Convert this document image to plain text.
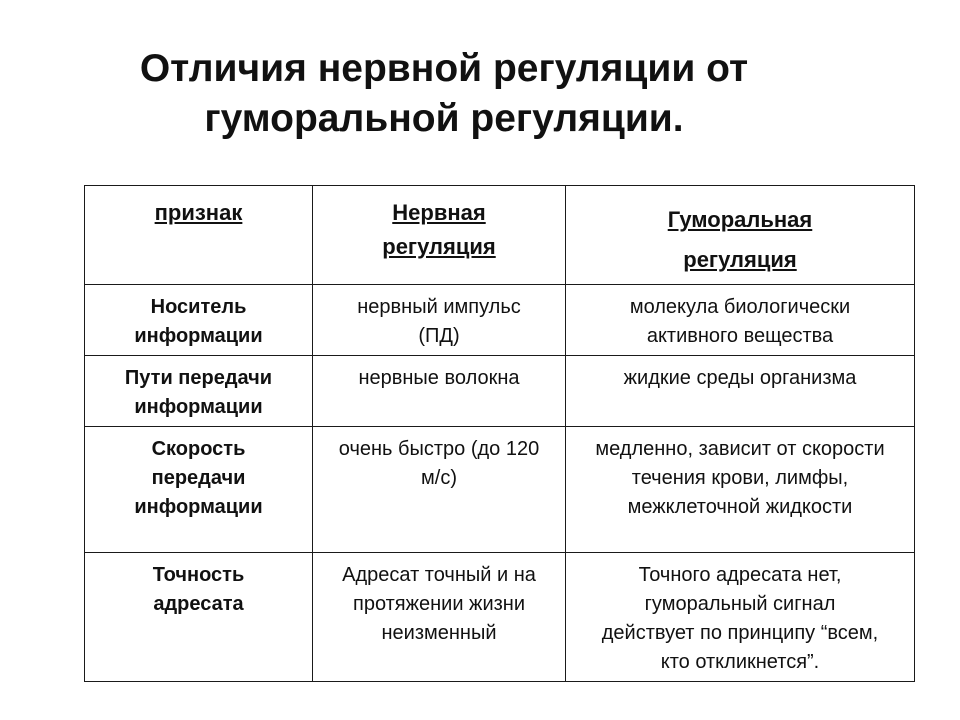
Отличия нервной регуляции от
гуморальной регуляции.
признак	Нервная регуляция	Гуморальная регуляция

Носитель информации	нервный импульс (ПД)	молекула биологически активного вещества

Пути передачи информации	нервные волокна	жидкие среды организма

Скорость передачи информации	очень быстро (до 120 м/с)	медленно, зависит от скорости течения крови, лимфы, межклеточной жидкости

Точность адресата	Адресат точный и на протяжении жизни неизменный	Точного адресата нет, гуморальный сигнал действует по принципу “всем, кто откликнется”.
